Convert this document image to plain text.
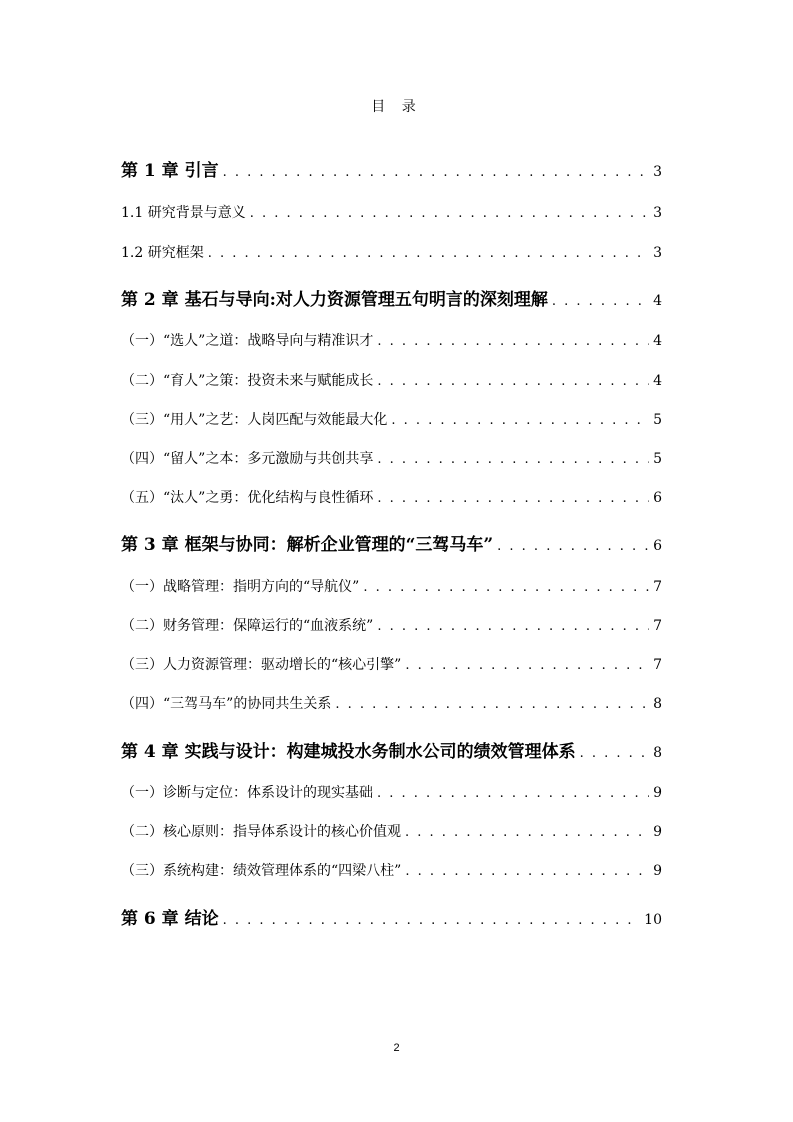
目 录
第 1 章 引言 . . .	3
1.1 研究背景与意义 . . .	3
1.2 研究框架 . . .	3
第 2 章 基石与导向:对人力资源管理五句明言的深刻理解 . . .	4
（一）“选人”之道：战略导向与精准识才 . . .	4
（二）“育人”之策：投资未来与赋能成长 . . .	4
（三）“用人”之艺：人岗匹配与效能最大化 . . .	5
（四）“留人”之本：多元激励与共创共享 . . .	5
（五）“汰人”之勇：优化结构与良性循环 . . .	6
第 3 章 框架与协同：解析企业管理的“三驾马车” . . .	6
（一）战略管理：指明方向的“导航仪” . . .	7
（二）财务管理：保障运行的“血液系统” . . .	7
（三）人力资源管理：驱动增长的“核心引擎” . . .	7
（四）“三驾马车”的协同共生关系 . . .	8
第 4 章 实践与设计：构建城投水务制水公司的绩效管理体系 . . .	8
（一）诊断与定位：体系设计的现实基础 . . .	9
（二）核心原则：指导体系设计的核心价值观 . . .	9
（三）系统构建：绩效管理体系的“四梁八柱” . . .	9
第 6 章 结论 . . .	10
2
